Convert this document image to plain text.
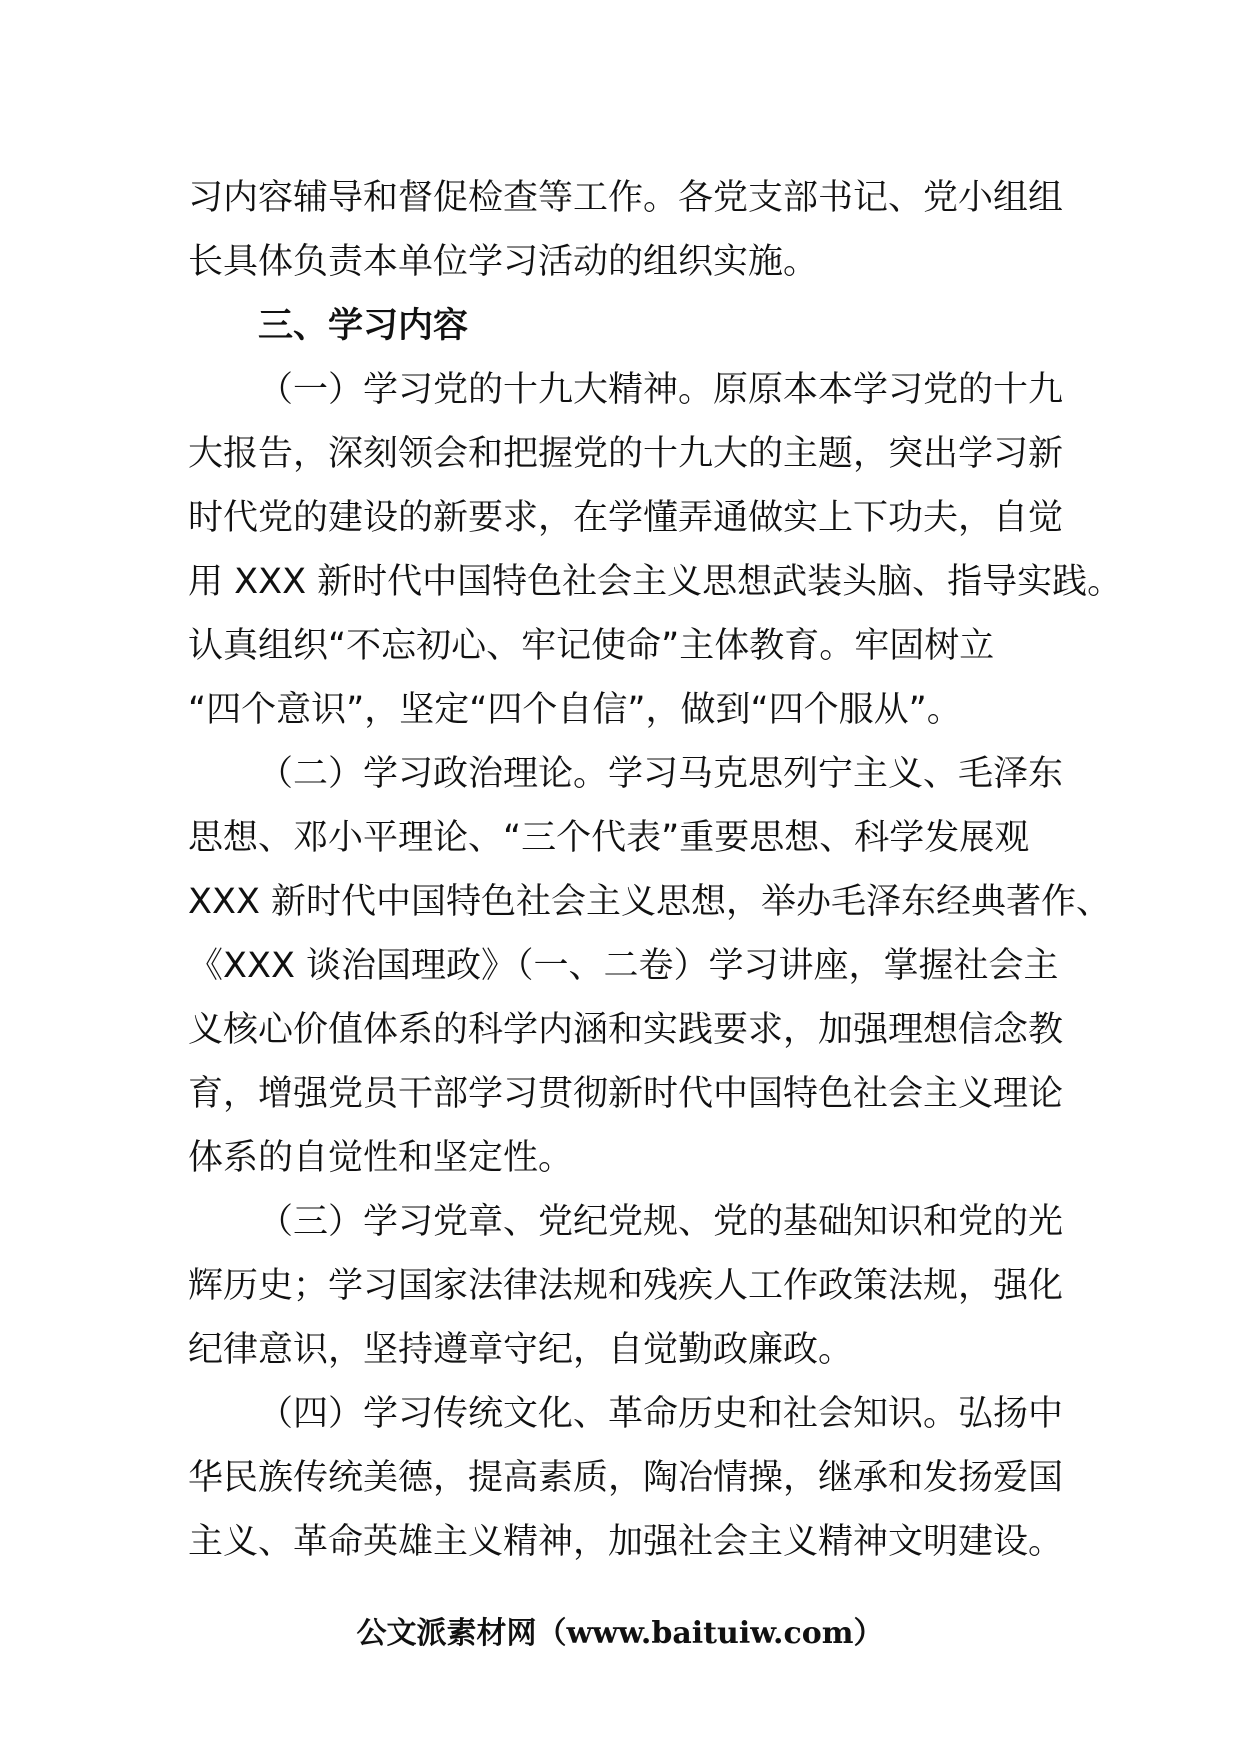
习内容辅导和督促检查等工作。各党支部书记、党小组组
长具体负责本单位学习活动的组织实施。
三、学习内容
（一）学习党的十九大精神。原原本本学习党的十九
大报告，深刻领会和把握党的十九大的主题，突出学习新
时代党的建设的新要求，在学懂弄通做实上下功夫，自觉
用 XXX 新时代中国特色社会主义思想武装头脑、指导实践。
认真组织“不忘初心、牢记使命”主体教育。牢固树立
“四个意识”，坚定“四个自信”，做到“四个服从”。
（二）学习政治理论。学习马克思列宁主义、毛泽东
思想、邓小平理论、“三个代表”重要思想、科学发展观
XXX 新时代中国特色社会主义思想，举办毛泽东经典著作、
《XXX 谈治国理政》（一、二卷）学习讲座，掌握社会主
义核心价值体系的科学内涵和实践要求，加强理想信念教
育，增强党员干部学习贯彻新时代中国特色社会主义理论
体系的自觉性和坚定性。
（三）学习党章、党纪党规、党的基础知识和党的光
辉历史；学习国家法律法规和残疾人工作政策法规，强化
纪律意识，坚持遵章守纪，自觉勤政廉政。
（四）学习传统文化、革命历史和社会知识。弘扬中
华民族传统美德，提高素质，陶冶情操，继承和发扬爱国
主义、革命英雄主义精神，加强社会主义精神文明建设。
公文派素材网（www.baituiw.com）
